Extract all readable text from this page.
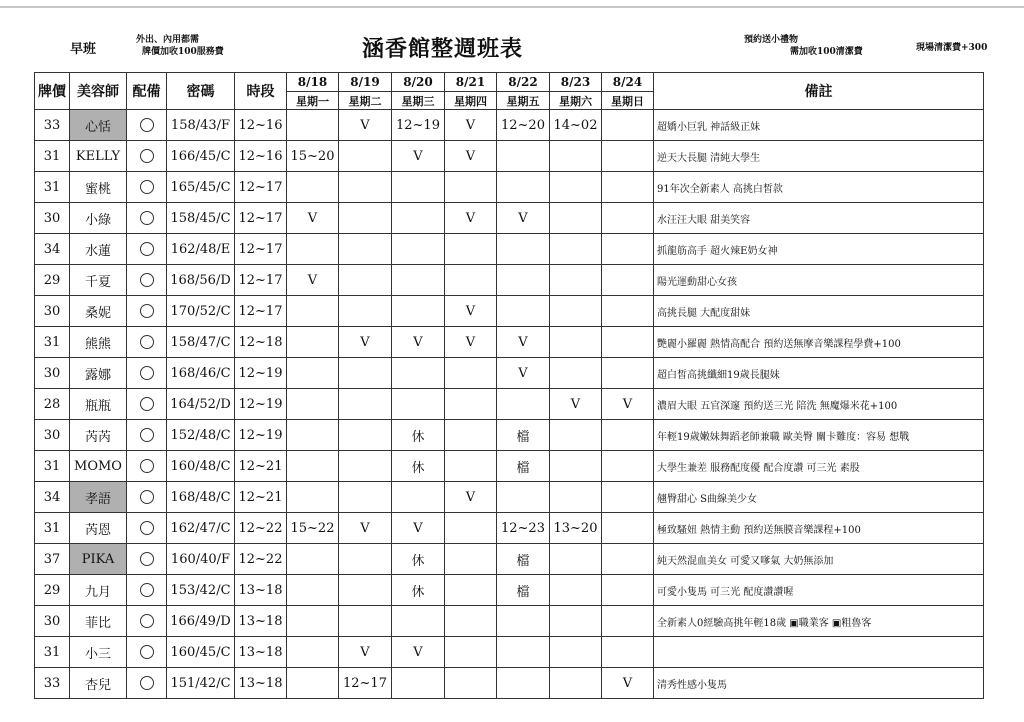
早班
外出、內用都需
牌價加收100服務費	涵香館整週班表	預約送小禮物
需加收100清潔費	現場清潔費+300
牌價	美容師	配備	密碼	時段	8/18	8/19	8/20	8/21	8/22	8/23	8/24	備註
					星期一	星期二	星期三	星期四	星期五	星期六	星期日	
33	心恬		158/43/F	12~16		V	12~19	V	12~20	14~02		超嬌小巨乳 神話級正妹
31	KELLY		166/45/C	12~16	15~20		V	V				逆天大長腿 清純大學生
31	蜜桃		165/45/C	12~17								91年次全新素人 高挑白皙款
30	小綠		158/45/C	12~17	V			V	V			水汪汪大眼 甜美笑容
34	水蓮		162/48/E	12~17								抓龍筋高手 超火辣E奶女神
29	千夏		168/56/D	12~17	V							陽光運動甜心女孩
30	桑妮		170/52/C	12~17				V				高挑長腿 大配度甜妹
31	熊熊		158/47/C	12~18		V	V	V	V			艷麗小羅麗 熱情高配合 預約送無摩音樂課程學費+100
30	露娜		168/46/C	12~19					V			超白皙高挑纖細19歲長腿妹
28	瓶瓶		164/52/D	12~19						V	V	濃眉大眼 五官深邃 預約送三光 陪洗 無魔爆米花+100
30	芮芮		152/48/C	12~19			休		檔			年輕19歲嫩妹舞蹈老師兼職 歐美臀 關卡難度：容易 想戰
31	MOMO		160/48/C	12~21			休		檔			大學生兼差 服務配度優 配合度讚 可三光 素股
34	孝語		168/48/C	12~21				V				翹臀甜心 S曲線美少女
31	芮恩		162/47/C	12~22	15~22	V	V		12~23	13~20		極致騷妞 熱情主動 預約送無膜音樂課程+100
37	PIKA		160/40/F	12~22			休		檔			純天然混血美女 可愛又嗲氣 大奶無添加
29	九月		153/42/C	13~18			休		檔			可愛小隻馬 可三光 配度讚讚喔
30	菲比		166/49/D	13~18								全新素人0經驗高挑年輕18歲 ▣職業客 ▣粗魯客
31	小三		160/45/C	13~18		V	V					
33	杏兒		151/42/C	13~18		12~17					V	清秀性感小隻馬
